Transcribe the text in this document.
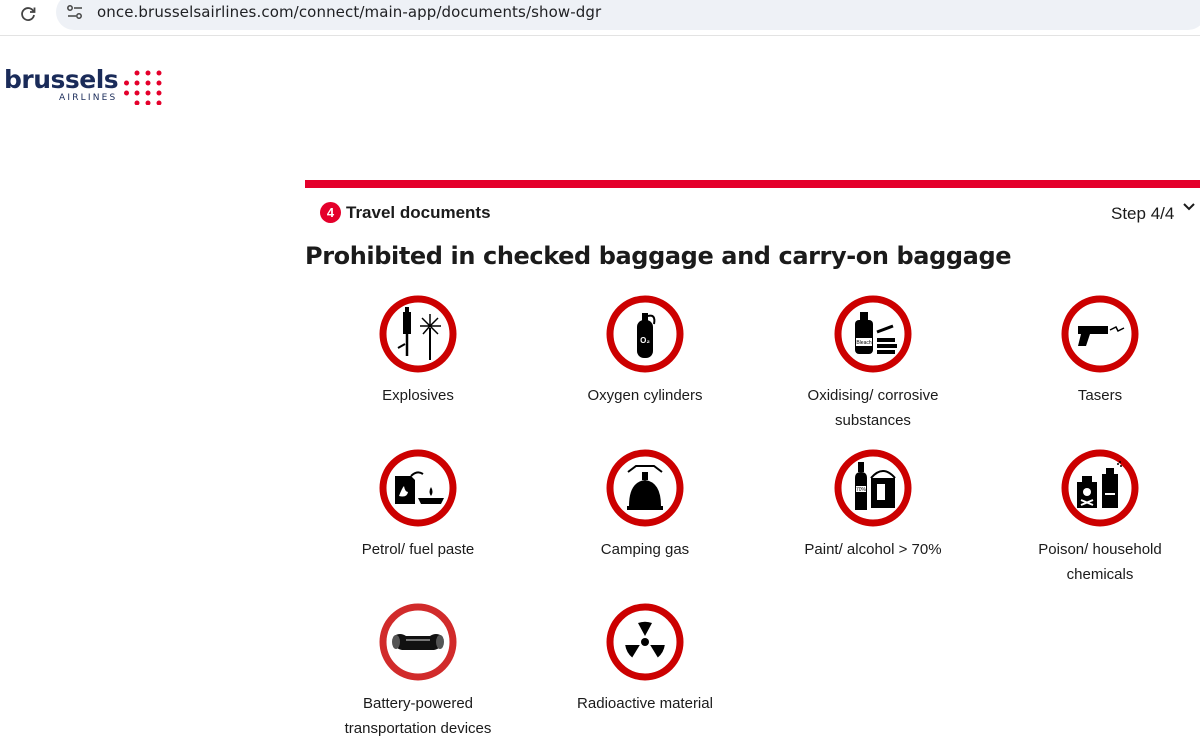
once.brusselsairlines.com/connect/main-app/documents/show-dgr
brussels
AIRLINES
4 Travel documents	Step 4/4
Prohibited in checked baggage and carry-on baggage
Explosives
O₂
Oxygen cylinders
Bleach
Oxidising/ corrosive substances
Tasers
Petrol/ fuel paste	Camping gas
70%
Paint/ alcohol > 70%	Poison/ household chemicals
Battery-powered transportation devices
Radioactive material
